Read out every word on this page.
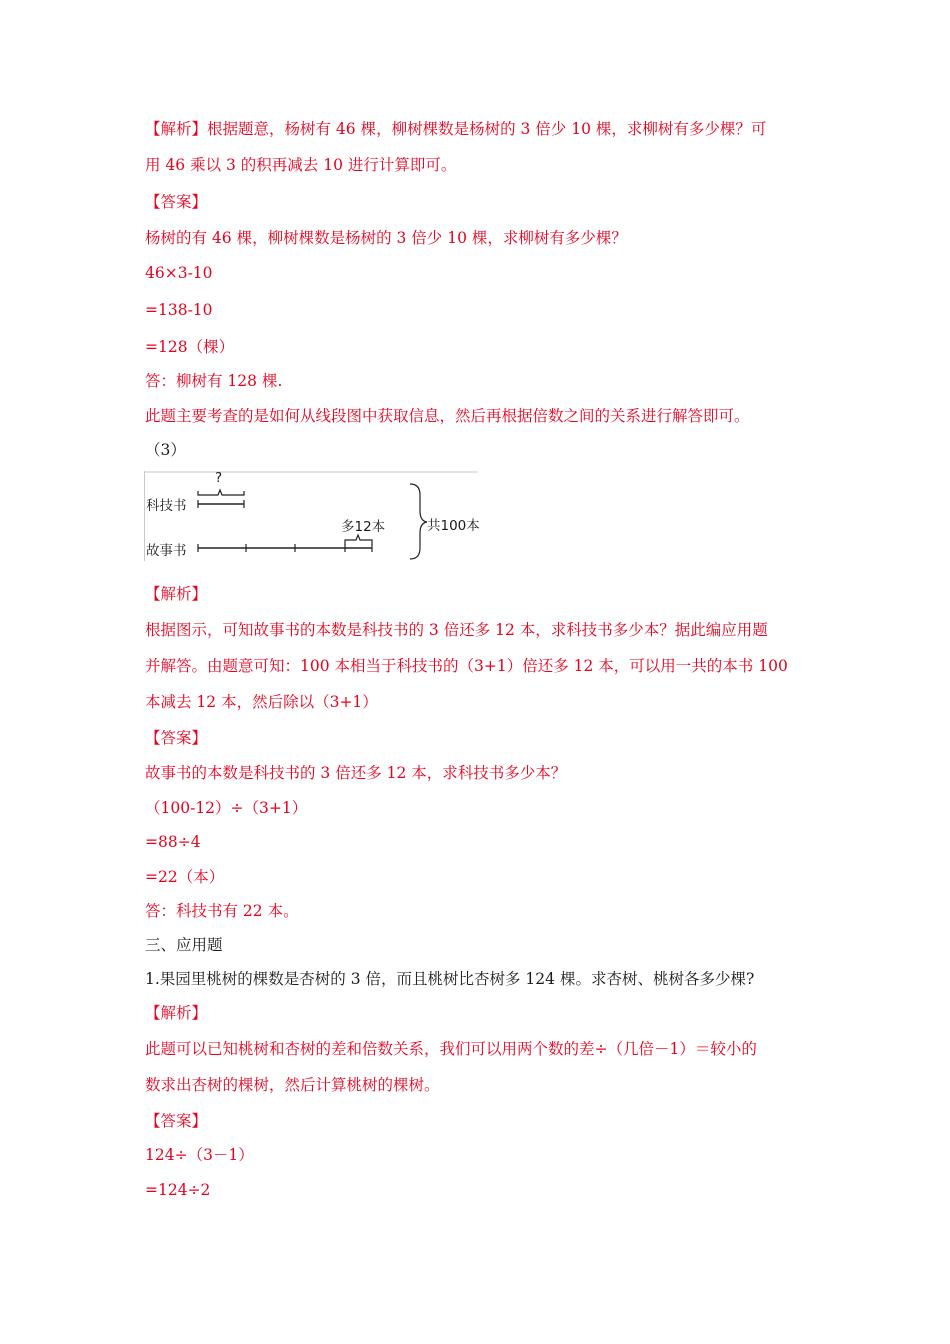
【解析】根据题意，杨树有 46 棵，柳树棵数是杨树的 3 倍少 10 棵，求柳树有多少棵？可
用 46 乘以 3 的积再减去 10 进行计算即可。
【答案】
杨树的有 46 棵，柳树棵数是杨树的 3 倍少 10 棵，求柳树有多少棵？
46×3-10
=138-10
=128（棵）
答：柳树有 128 棵.
此题主要考查的是如何从线段图中获取信息，然后再根据倍数之间的关系进行解答即可。
（3）
?
科技书
多12本	共100本
故事书
【解析】
根据图示，可知故事书的本数是科技书的 3 倍还多 12 本，求科技书多少本？据此编应用题
并解答。由题意可知：100 本相当于科技书的（3+1）倍还多 12 本，可以用一共的本书 100
本减去 12 本，然后除以（3+1）
【答案】
故事书的本数是科技书的 3 倍还多 12 本，求科技书多少本？
（100-12）÷（3+1）
=88÷4
=22（本）
答：科技书有 22 本。
三、应用题
1.果园里桃树的棵数是杏树的 3 倍，而且桃树比杏树多 124 棵。求杏树、桃树各多少棵?
【解析】
此题可以已知桃树和杏树的差和倍数关系，我们可以用两个数的差÷（几倍－1）＝较小的
数求出杏树的棵树，然后计算桃树的棵树。
【答案】
124÷（3－1）
=124÷2
